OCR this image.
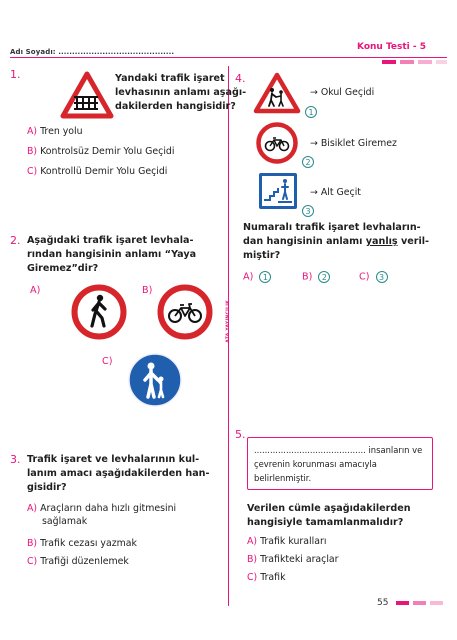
Adı Soyadı: ..........................................	Konu Testi - 5
ATA YAYINCILIK
1.	Yandaki trafik işaret
levhasının anlamı aşağı-
dakilerden hangisidir?
A) Tren yolu
B) Kontrolsüz Demir Yolu Geçidi
C) Kontrollü Demir Yolu Geçidi
2. Aşağıdaki trafik işaret levhala-
rından hangisinin anlamı “Yaya
Giremez”dir?
A)	B)
C)
3. Trafik işaret ve levhalarının kul-
lanım amacı aşağıdakilerden han-
gisidir?
A) Araçların daha hızlı gitmesini
sağlamak
B) Trafik cezası yazmak
C) Trafiği düzenlemek
4.
→ Okul Geçidi
1
→ Bisiklet Giremez
2
→ Alt Geçit
3
Numaralı trafik işaret levhaların-
dan hangisinin anlamı yanlış veril-
miştir?
A) 1	B) 2	C) 3
5.
.......................................... insanların ve
çevrenin korunması amacıyla
belirlenmiştir.
Verilen cümle aşağıdakilerden
hangisiyle tamamlanmalıdır?
A) Trafik kuralları
B) Trafikteki araçlar
C) Trafik
55
